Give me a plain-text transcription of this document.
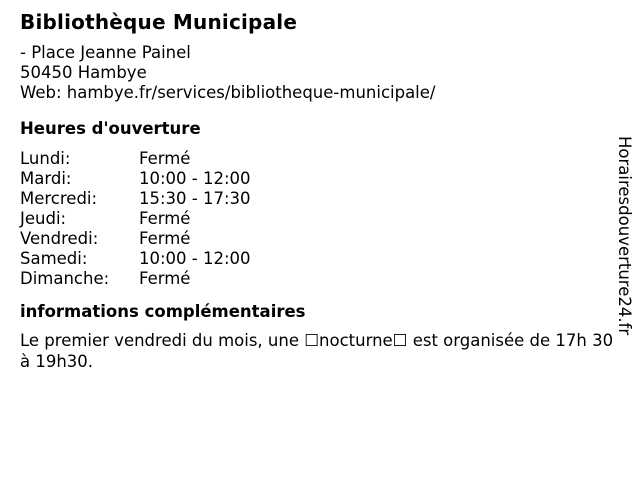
Bibliothèque Municipale
- Place Jeanne Painel
50450 Hambye
Web: hambye.fr/services/bibliotheque-municipale/
Heures d'ouverture
Lundi:	Fermé
Mardi:	10:00 - 12:00
Mercredi:	15:30 - 17:30
Jeudi:	Fermé
Vendredi:	Fermé
Samedi:	10:00 - 12:00
Dimanche:	Fermé
informations complémentaires

Le premier vendredi du mois, une ☐nocturne☐ est organisée de 17h 30 à 19h30.

Horairesdouverture24.fr
